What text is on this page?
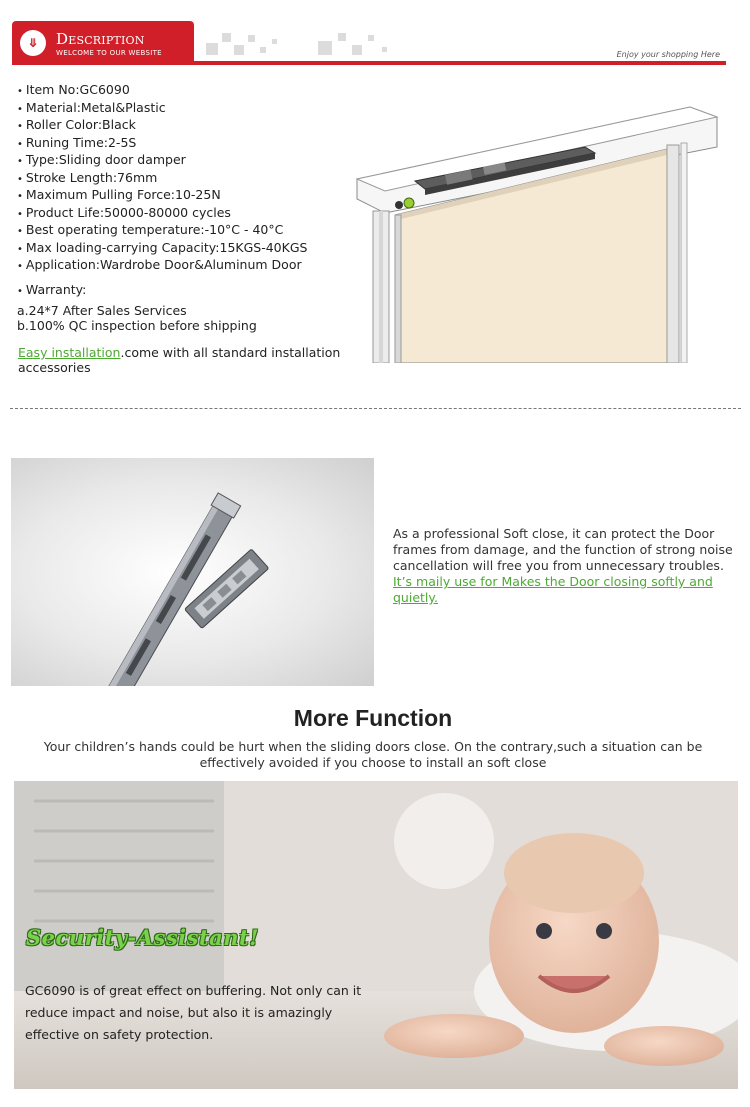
⤋	Description
WELCOME TO OUR WEBSITE	Enjoy your shopping Here
• Item No:GC6090
• Material:Metal&Plastic
• Roller Color:Black
• Runing Time:2-5S
• Type:Sliding door damper
• Stroke Length:76mm
• Maximum Pulling Force:10-25N
• Product Life:50000-80000 cycles
• Best operating temperature:-10°C - 40°C
• Max loading-carrying Capacity:15KGS-40KGS
• Application:Wardrobe Door&Aluminum Door
• Warranty:
a.24*7 After Sales Services
b.100% QC inspection before shipping
Easy installation.come with all standard installation accessories
As a professional Soft close, it can protect the Door frames from damage, and the function of strong noise cancellation will free you from unnecessary troubles.
It’s maily use for Makes the Door closing softly and quietly.
More Function
Your children’s hands could be hurt when the sliding doors close. On the contrary,such a situation can be effectively avoided if you choose to install an soft close
Security-Assistant!
GC6090 is of great effect on buffering. Not only can it reduce impact and noise, but also it is amazingly effective on safety protection.
